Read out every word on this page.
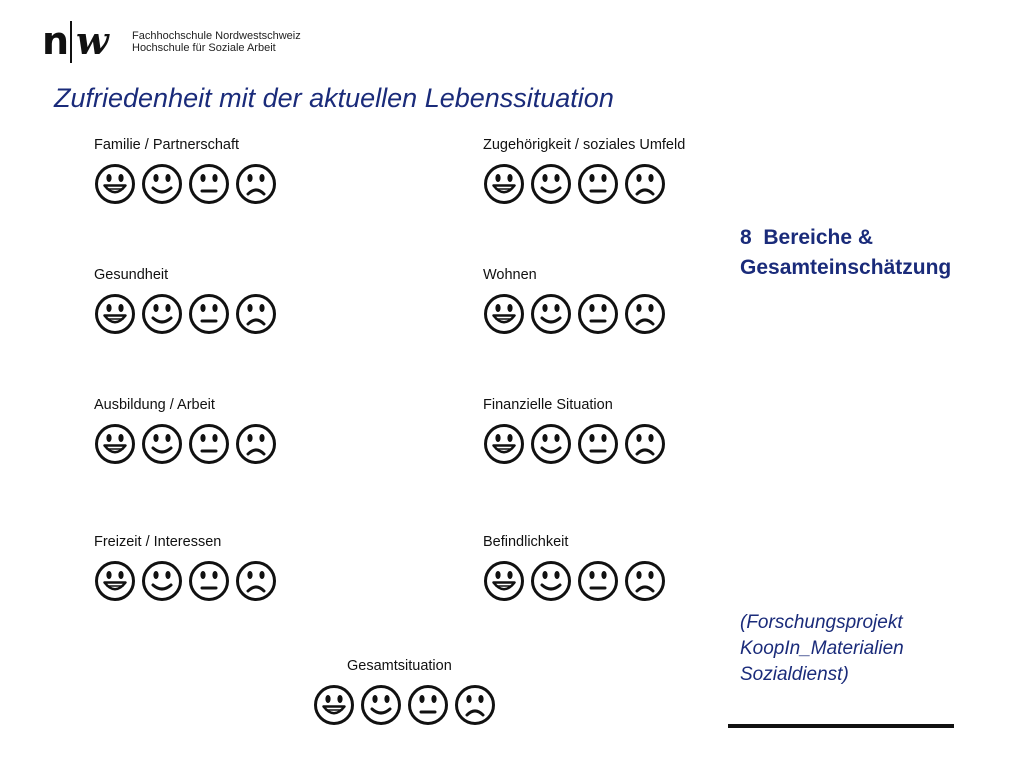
n w Fachhochschule Nordwestschweiz
Hochschule für Soziale Arbeit
Zufriedenheit mit der aktuellen Lebenssituation
Familie / Partnerschaft
Gesundheit
Ausbildung / Arbeit
Freizeit / Interessen
Zugehörigkeit / soziales Umfeld
Wohnen
Finanzielle Situation
Befindlichkeit
Gesamtsituation
8  Bereiche &
Gesamteinschätzung
(Forschungsprojekt
KoopIn_Materialien
Sozialdienst)
